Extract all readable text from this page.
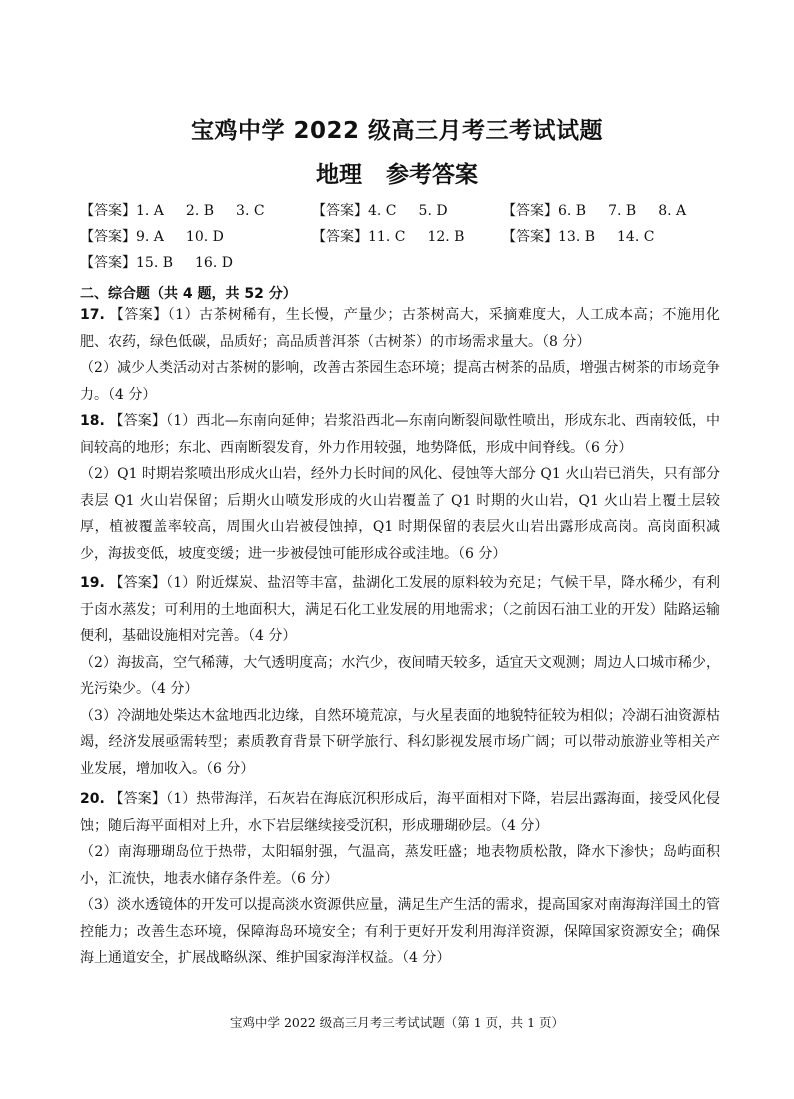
宝鸡中学 2022 级高三月考三考试试题
地理 参考答案
【答案】1. A 2. B 3. C	【答案】4. C 5. D	【答案】6. B 7. B 8. A
【答案】9. A 10. D	【答案】11. C 12. B	【答案】13. B 14. C
【答案】15. B 16. D
二、综合题（共 4 题，共 52 分）

17. 【答案】（1）古茶树稀有，生长慢，产量少；古茶树高大，采摘难度大，人工成本高；不施用化肥、农药，绿色低碳，品质好；高品质普洱茶（古树茶）的市场需求量大。（8 分）

（2）减少人类活动对古茶树的影响，改善古茶园生态环境；提高古树茶的品质，增强古树茶的市场竞争力。（4 分）

18. 【答案】（1）西北—东南向延伸；岩浆沿西北—东南向断裂间歇性喷出，形成东北、西南较低，中间较高的地形；东北、西南断裂发育，外力作用较强，地势降低，形成中间脊线。（6 分）

（2）Q1 时期岩浆喷出形成火山岩，经外力长时间的风化、侵蚀等大部分 Q1 火山岩已消失，只有部分表层 Q1 火山岩保留；后期火山喷发形成的火山岩覆盖了 Q1 时期的火山岩，Q1 火山岩上覆土层较厚，植被覆盖率较高，周围火山岩被侵蚀掉，Q1 时期保留的表层火山岩出露形成高岗。高岗面积减少，海拔变低，坡度变缓；进一步被侵蚀可能形成谷或洼地。（6 分）

19. 【答案】（1）附近煤炭、盐沼等丰富，盐湖化工发展的原料较为充足；气候干旱，降水稀少，有利于卤水蒸发；可利用的土地面积大，满足石化工业发展的用地需求；（之前因石油工业的开发）陆路运输便利，基础设施相对完善。（4 分）

（2）海拔高，空气稀薄，大气透明度高；水汽少，夜间晴天较多，适宜天文观测；周边人口城市稀少，光污染少。（4 分）

（3）冷湖地处柴达木盆地西北边缘，自然环境荒凉，与火星表面的地貌特征较为相似；冷湖石油资源枯竭，经济发展亟需转型；素质教育背景下研学旅行、科幻影视发展市场广阔；可以带动旅游业等相关产业发展，增加收入。（6 分）

20. 【答案】（1）热带海洋，石灰岩在海底沉积形成后，海平面相对下降，岩层出露海面，接受风化侵蚀；随后海平面相对上升，水下岩层继续接受沉积，形成珊瑚砂层。（4 分）

（2）南海珊瑚岛位于热带，太阳辐射强，气温高，蒸发旺盛；地表物质松散，降水下渗快；岛屿面积小，汇流快，地表水储存条件差。（6 分）

（3）淡水透镜体的开发可以提高淡水资源供应量，满足生产生活的需求，提高国家对南海海洋国土的管控能力；改善生态环境，保障海岛环境安全；有利于更好开发利用海洋资源，保障国家资源安全；确保海上通道安全，扩展战略纵深、维护国家海洋权益。（4 分）

宝鸡中学 2022 级高三月考三考试试题（第 1 页，共 1 页）
